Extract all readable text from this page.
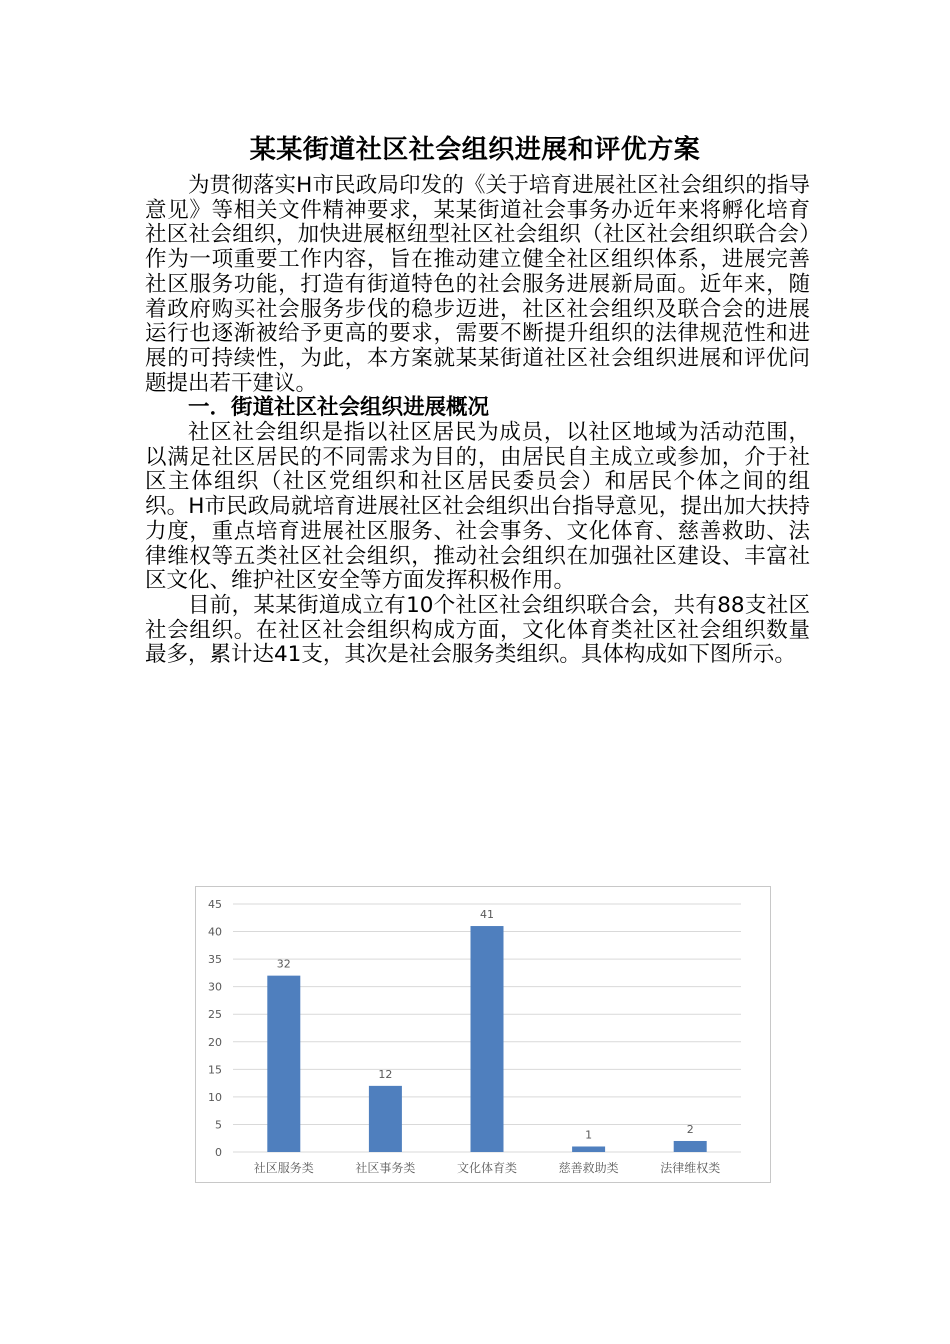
某某街道社区社会组织进展和评优方案

为贯彻落实H市民政局印发的《关于培育进展社区社会组织的指导意见》等相关文件精神要求，某某街道社会事务办近年来将孵化培育社区社会组织，加快进展枢纽型社区社会组织（社区社会组织联合会）作为一项重要工作内容，旨在推动建立健全社区组织体系，进展完善社区服务功能，打造有街道特色的社会服务进展新局面。近年来，随着政府购买社会服务步伐的稳步迈进，社区社会组织及联合会的进展运行也逐渐被给予更高的要求，需要不断提升组织的法律规范性和进展的可持续性，为此，本方案就某某街道社区社会组织进展和评优问题提出若干建议。

一．街道社区社会组织进展概况

社区社会组织是指以社区居民为成员，以社区地域为活动范围，以满足社区居民的不同需求为目的，由居民自主成立或参加，介于社区主体组织（社区党组织和社区居民委员会）和居民个体之间的组织。H市民政局就培育进展社区社会组织出台指导意见，提出加大扶持力度，重点培育进展社区服务、社会事务、文化体育、慈善救助、法律维权等五类社区社会组织，推动社会组织在加强社区建设、丰富社区文化、维护社区安全等方面发挥积极作用。

目前，某某街道成立有10个社区社会组织联合会，共有88支社区社会组织。在社区社会组织构成方面，文化体育类社区社会组织数量最多，累计达41支，其次是社会服务类组织。具体构成如下图所示。

0
5
10
15
20
25
30
35
40
45
32
社区服务类
12
社区事务类
41
文化体育类
1
慈善救助类
2
法律维权类
